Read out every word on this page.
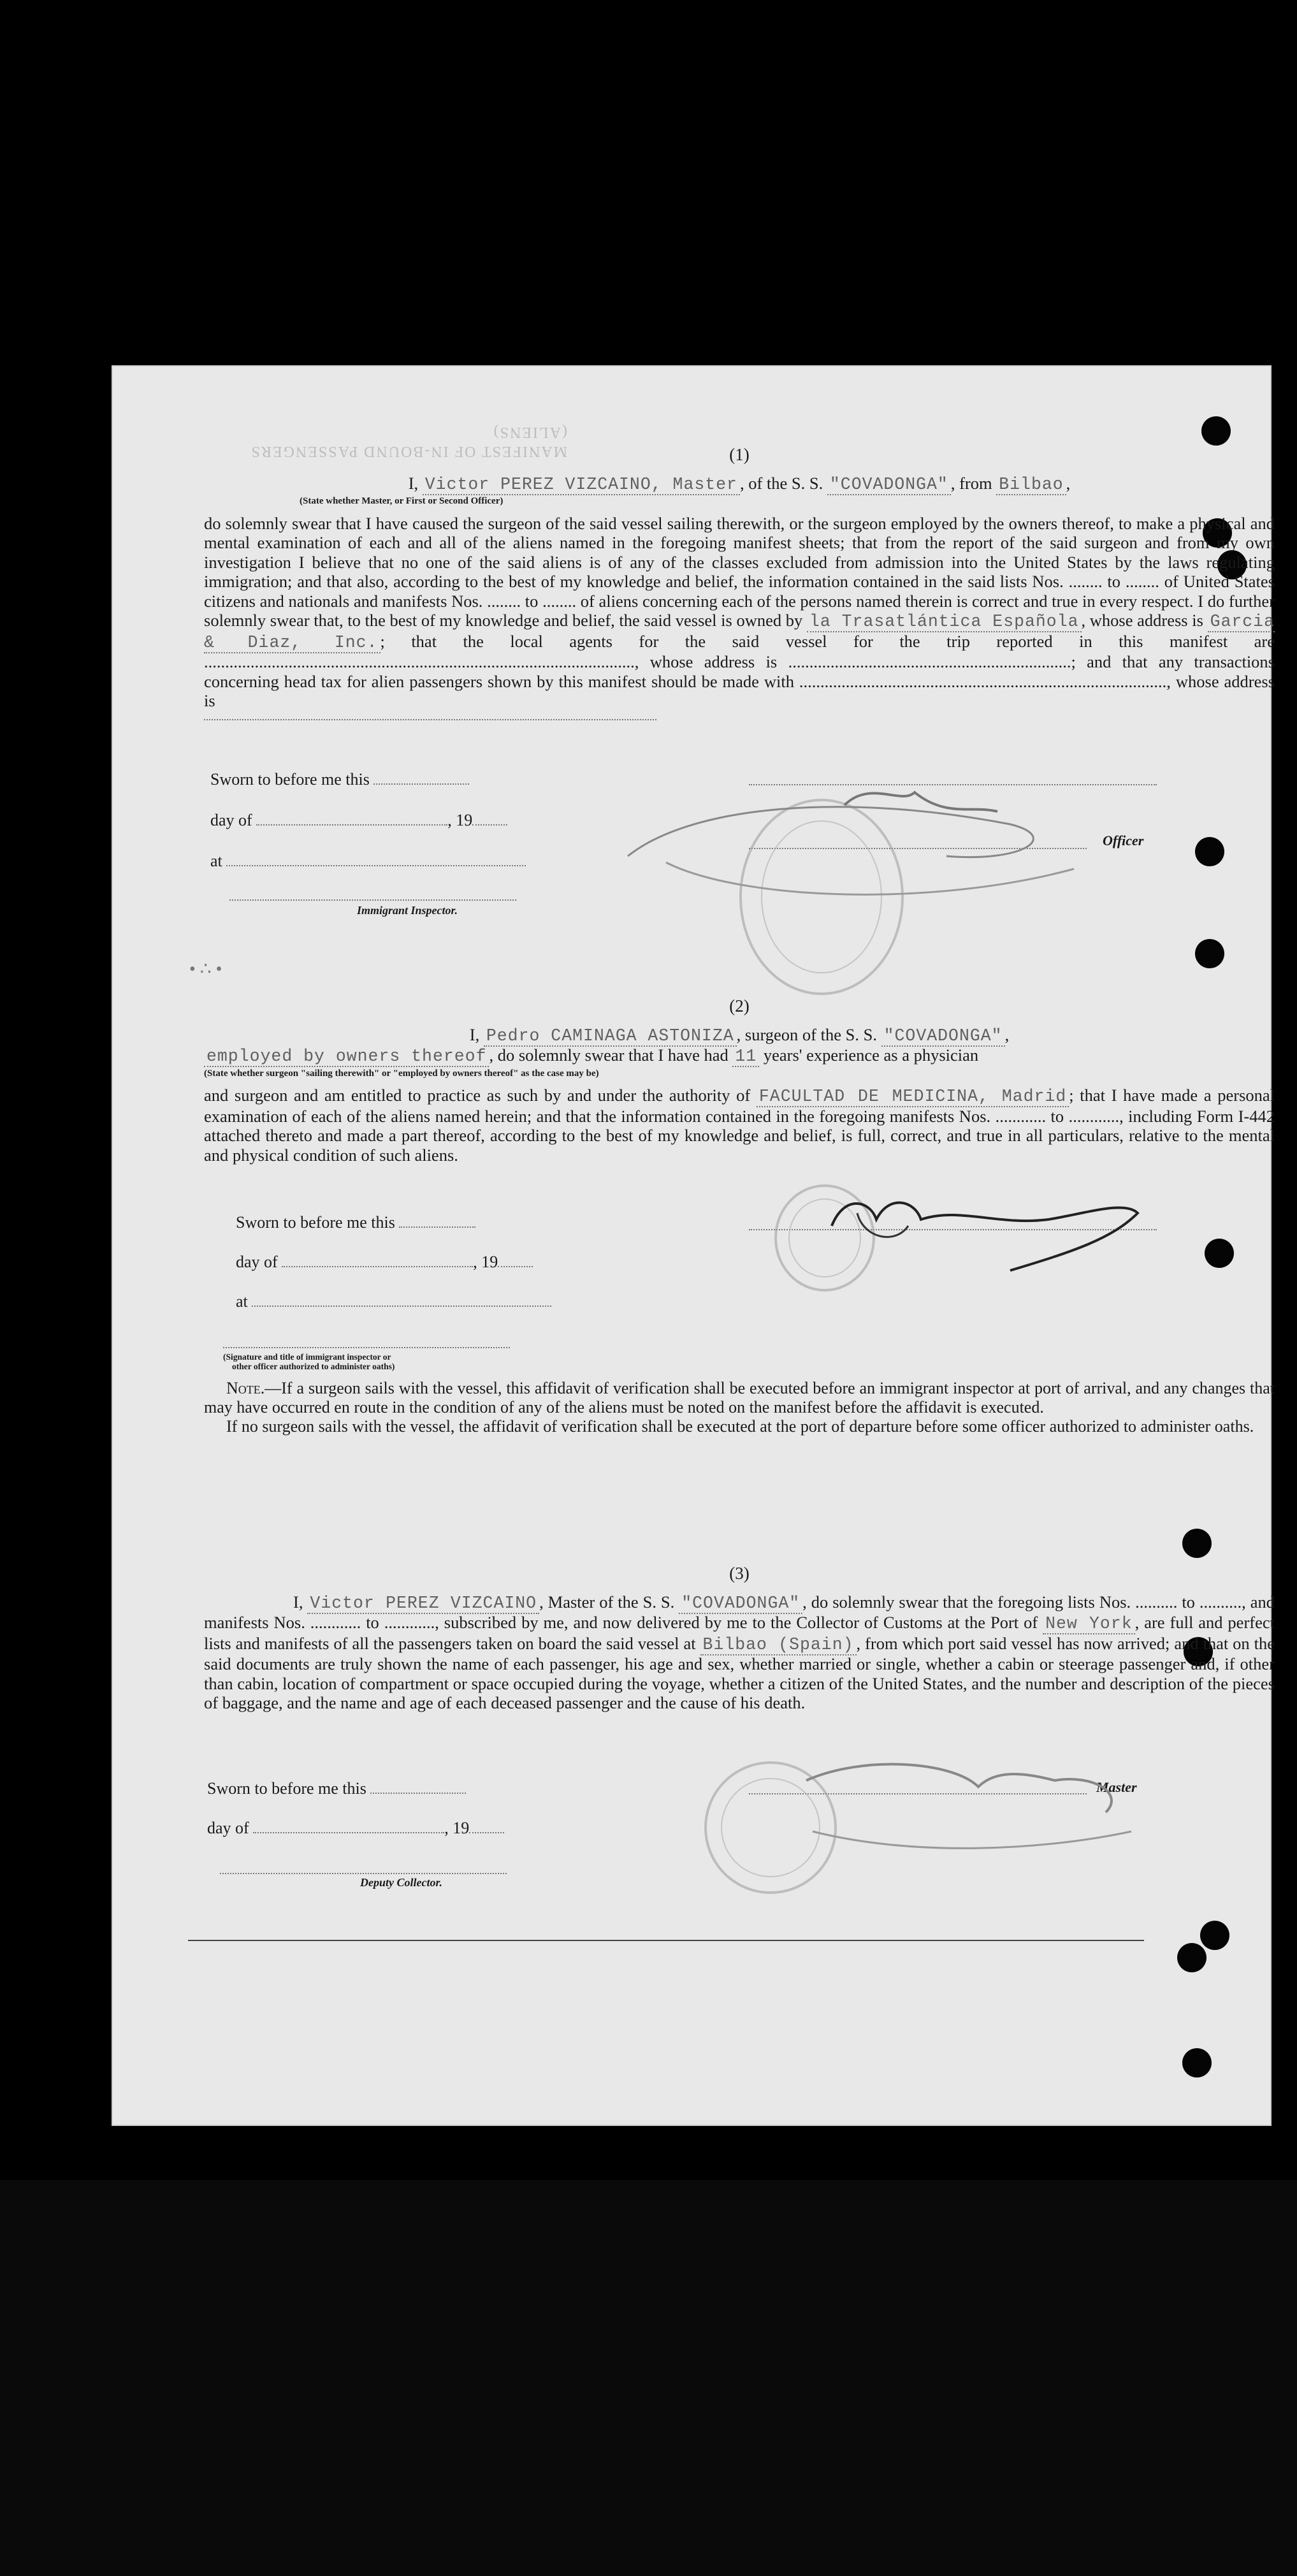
MANIFEST OF IN-BOUND PASSENGERS (ALIENS)
(1)

I, Victor PEREZ VIZCAINO, Master , of the S. S. "COVADONGA" , from Bilbao ,

(State whether Master, or First or Second Officer)

do solemnly swear that I have caused the surgeon of the said vessel sailing therewith, or the surgeon employed by the owners thereof, to make a physical and mental examination of each and all of the aliens named in the foregoing manifest sheets; that from the report of the said surgeon and from my own investigation I believe that no one of the said aliens is of any of the classes excluded from admission into the United States by the laws regulating immigration; and that also, according to the best of my knowledge and belief, the information contained in the said lists Nos. ........ to ........ of United States citizens and nationals and manifests Nos. ........ to ........ of aliens concerning each of the persons named therein is correct and true in every respect. I do further solemnly swear that, to the best of my knowledge and belief, the said vessel is owned by la Trasatlántica Española , whose address is Garcia & Diaz, Inc. ; that the local agents for the said vessel for the trip reported in this manifest are ......................................................................................................, whose address is ...................................................................; and that any transactions concerning head tax for alien passengers shown by this manifest should be made with ......................................................................................., whose address is

Sworn to before me this
day of	, 19
at
Immigrant Inspector.
Officer
• ∴ •
(2)

I, Pedro CAMINAGA ASTONIZA , surgeon of the S. S. "COVADONGA" ,

employed by owners thereof , do solemnly swear that I have had 11 years' experience as a physician

(State whether surgeon "sailing therewith" or "employed by owners thereof" as the case may be)

and surgeon and am entitled to practice as such by and under the authority of FACULTAD DE MEDICINA, Madrid ; that I have made a personal examination of each of the aliens named herein; and that the information contained in the foregoing manifests Nos. ............ to ............, including Form I-442 attached thereto and made a part thereof, according to the best of my knowledge and belief, is full, correct, and true in all particulars, relative to the mental and physical condition of such aliens.

Sworn to before me this
day of	, 19
at
(Signature and title of immigrant inspector or
other officer authorized to administer oaths)

Note.—If a surgeon sails with the vessel, this affidavit of verification shall be executed before an immigrant inspector at port of arrival, and any changes that may have occurred en route in the condition of any of the aliens must be noted on the manifest before the affidavit is executed.

If no surgeon sails with the vessel, the affidavit of verification shall be executed at the port of departure before some officer authorized to administer oaths.

(3)

I, Victor PEREZ VIZCAINO , Master of the S. S. "COVADONGA" , do solemnly swear that the foregoing lists Nos. .......... to .........., and manifests Nos. ............ to ............, subscribed by me, and now delivered by me to the Collector of Customs at the Port of New York , are full and perfect lists and manifests of all the passengers taken on board the said vessel at Bilbao (Spain) , from which port said vessel has now arrived; and that on the said documents are truly shown the name of each passenger, his age and sex, whether married or single, whether a cabin or steerage passenger and, if other than cabin, location of compartment or space occupied during the voyage, whether a citizen of the United States, and the number and description of the pieces of baggage, and the name and age of each deceased passenger and the cause of his death.

Sworn to before me this
day of	, 19
Deputy Collector.
Master
